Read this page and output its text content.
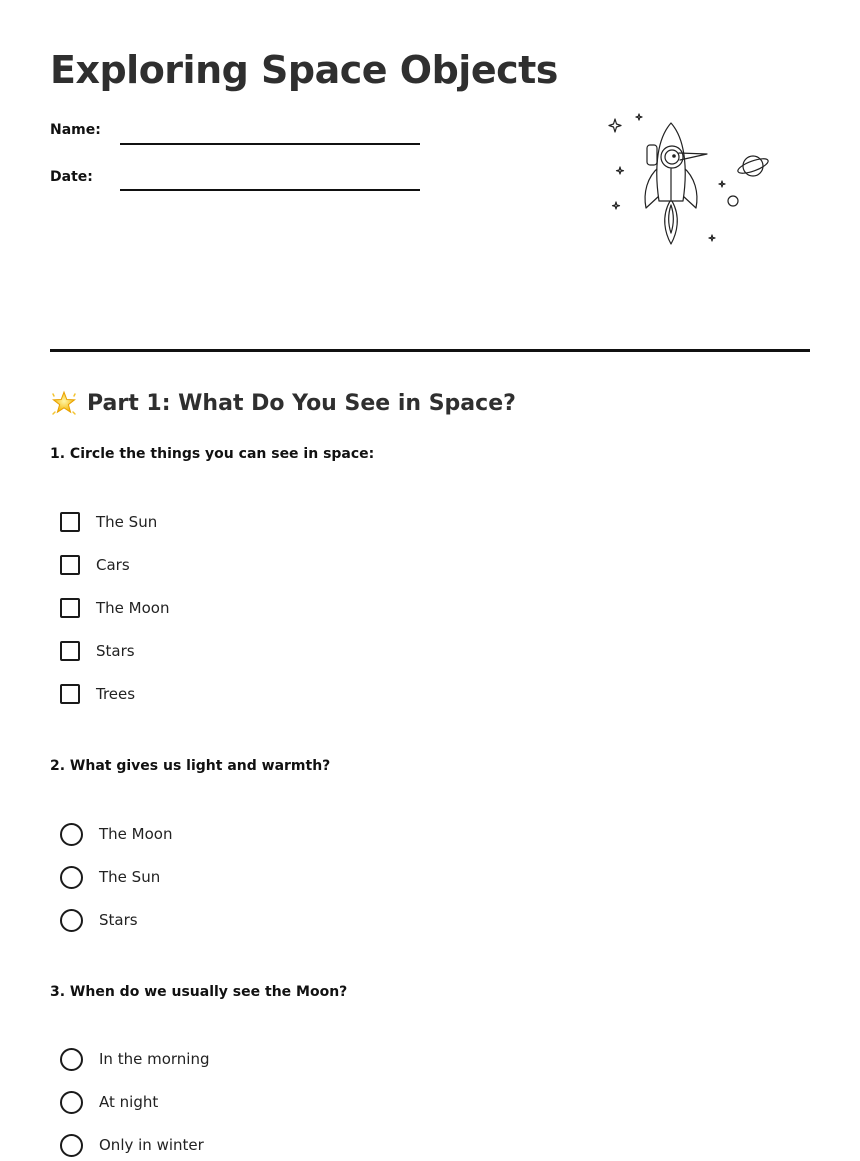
Exploring Space Objects
Name:
Date:
Part 1: What Do You See in Space?
1. Circle the things you can see in space:
The Sun
Cars
The Moon
Stars
Trees
2. What gives us light and warmth?
The Moon
The Sun
Stars
3. When do we usually see the Moon?
In the morning
At night
Only in winter
